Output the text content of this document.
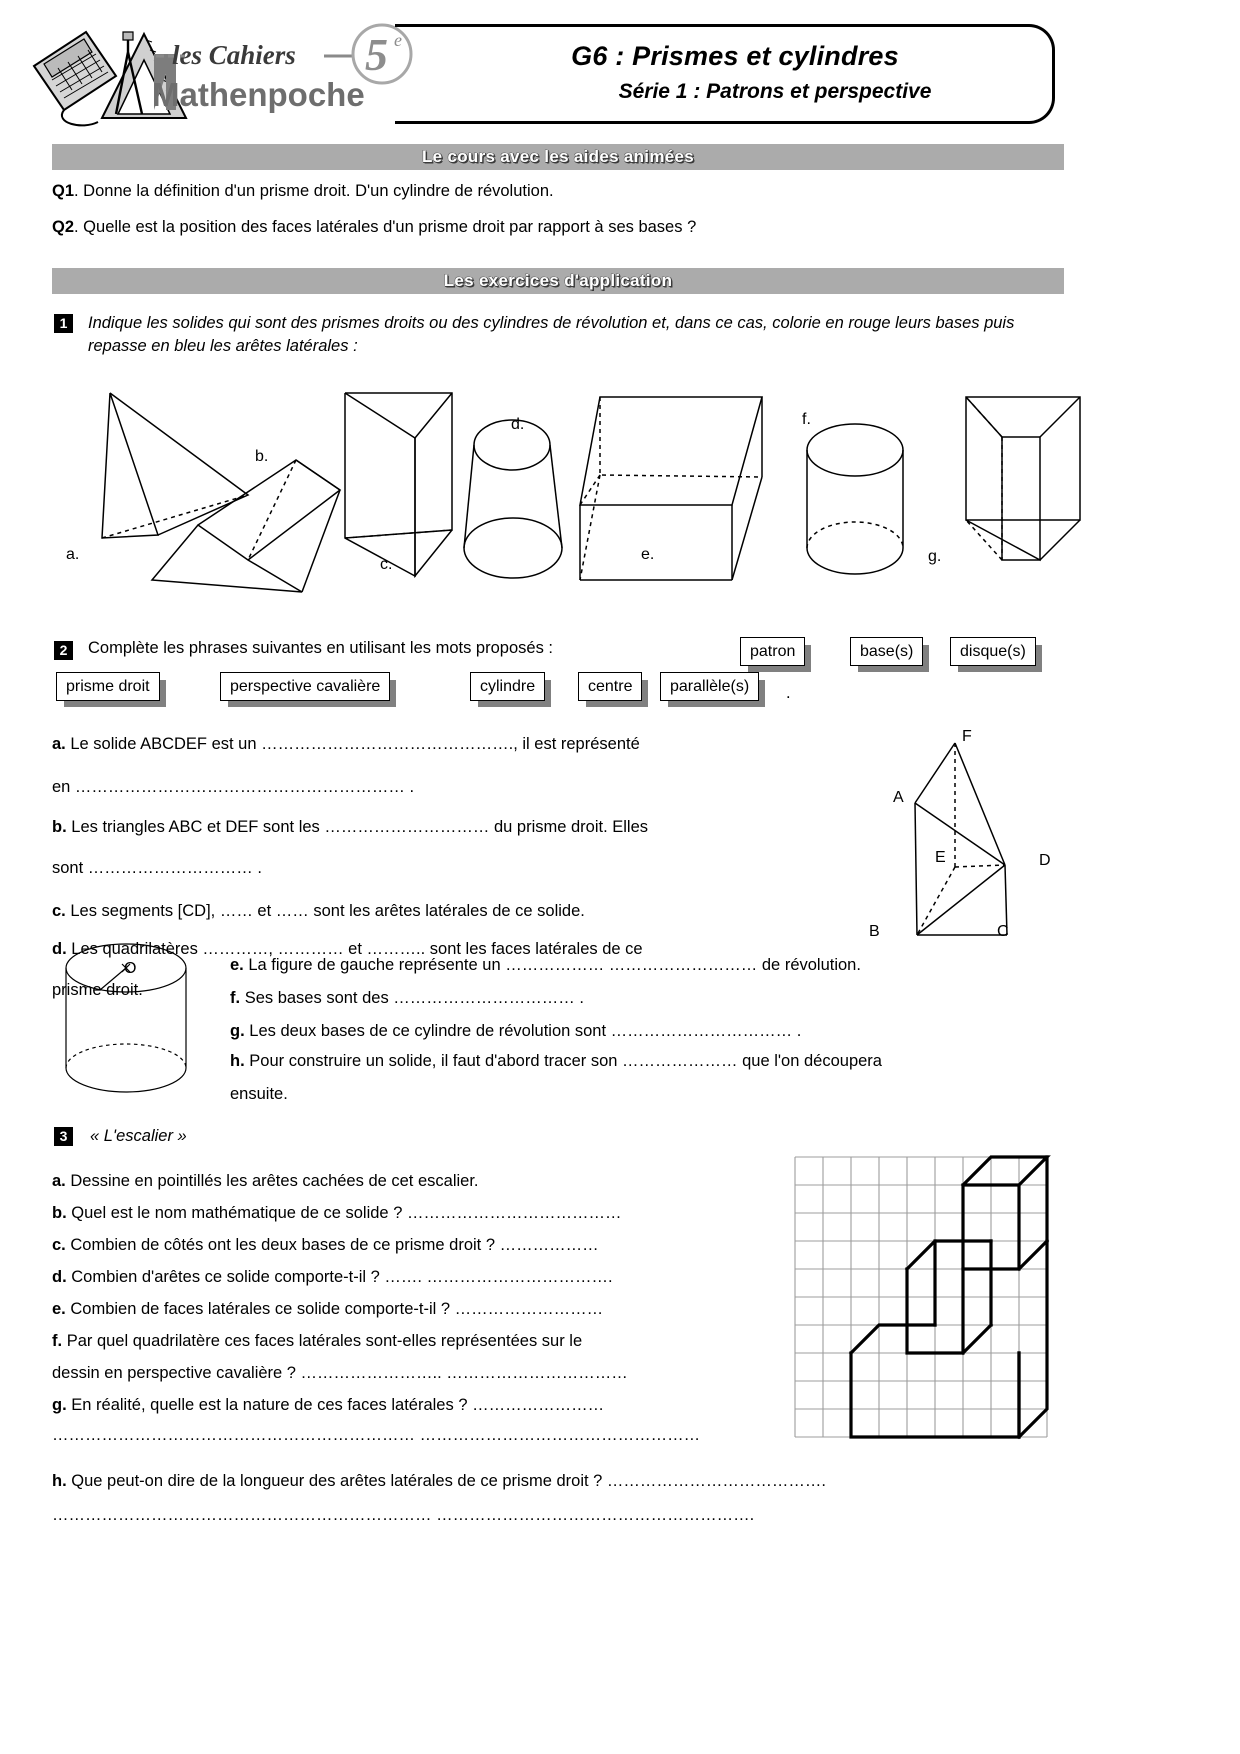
les Cahiers
Mathenpoche
5 e
G6 : Prismes et cylindres
Série 1 : Patrons et perspective
Le cours avec les aides animées
Q1. Donne la définition d'un prisme droit. D'un cylindre de révolution.
Q2. Quelle est la position des faces latérales d'un prisme droit par rapport à ses bases ?
Les exercices d'application
1	Indique les solides qui sont des prismes droits ou des cylindres de révolution et, dans ce cas, colorie en rouge leurs bases puis repasse en bleu les arêtes latérales :
a.
b.
c.
d.
e.
f.
g.
2	Complète les phrases suivantes en utilisant les mots proposés :	patron	base(s)	disque(s)
prisme droit	perspective cavalière	cylindre	centre	parallèle(s)	.
a. Le solide ABCDEF est un ………………………………………., il est représenté
en …………………………………………………… .
b. Les triangles ABC et DEF sont les ………………………… du prisme droit. Elles
sont ………………………… .
c. Les segments [CD], …… et …… sont les arêtes latérales de ce solide.
d. Les quadrilatères …………, ………… et ……….. sont les faces latérales de ce
prisme droit.
F
A
E	D
B	C
O	e. La figure de gauche représente un ……………… ……………………… de révolution.
f. Ses bases sont des …………………………… .
g. Les deux bases de ce cylindre de révolution sont …………………………… .
h. Pour construire un solide, il faut d'abord tracer son ………………… que l'on découpera
ensuite.
3	« L'escalier »
a. Dessine en pointillés les arêtes cachées de cet escalier.
b. Quel est le nom mathématique de ce solide ? …………………………………
c. Combien de côtés ont les deux bases de ce prisme droit ? ………………
d. Combien d'arêtes ce solide comporte-t-il ? ……. …………………………….
e. Combien de faces latérales ce solide comporte-t-il ? ………………………
f. Par quel quadrilatère ces faces latérales sont-elles représentées sur le
dessin en perspective cavalière ? …………………….. ……………………………
g. En réalité, quelle est la nature de ces faces latérales ? ……………………
………………………………………………………… ……………………………………………
h. Que peut-on dire de la longueur des arêtes latérales de ce prisme droit ? ………………………………….
…………………………………………………………… ………………………………………………….
